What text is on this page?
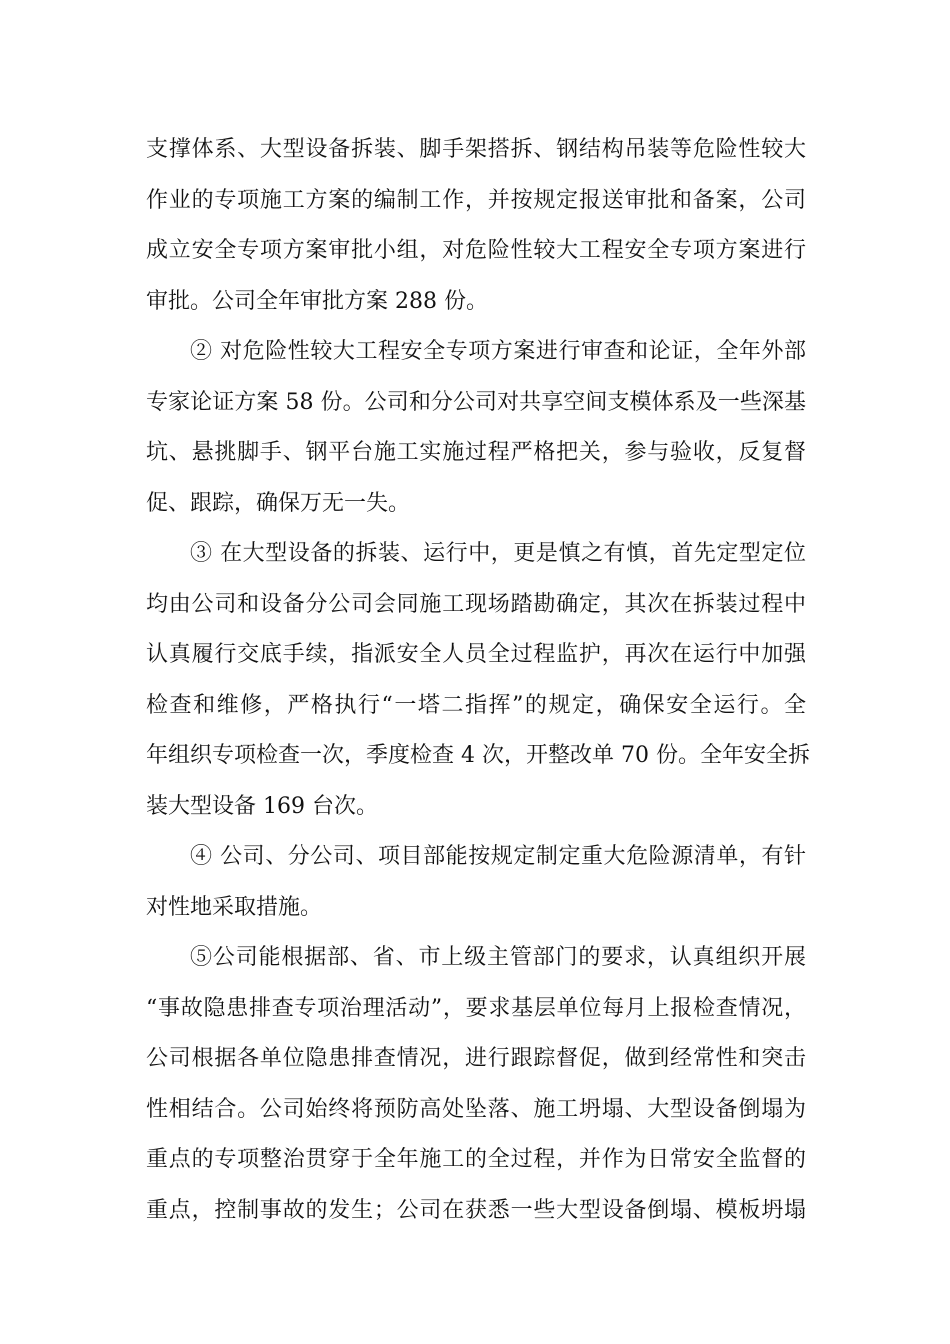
支撑体系、大型设备拆装、脚手架搭拆、钢结构吊装等危险性较大
作业的专项施工方案的编制工作，并按规定报送审批和备案，公司
成立安全专项方案审批小组，对危险性较大工程安全专项方案进行
审批。公司全年审批方案 288 份。

② 对危险性较大工程安全专项方案进行审查和论证，全年外部
专家论证方案 58 份。公司和分公司对共享空间支模体系及一些深基
坑、悬挑脚手、钢平台施工实施过程严格把关，参与验收，反复督
促、跟踪，确保万无一失。

③ 在大型设备的拆装、运行中，更是慎之有慎，首先定型定位
均由公司和设备分公司会同施工现场踏勘确定，其次在拆装过程中
认真履行交底手续，指派安全人员全过程监护，再次在运行中加强
检查和维修，严格执行“一塔二指挥”的规定，确保安全运行。全
年组织专项检查一次，季度检查 4 次，开整改单 70 份。全年安全拆
装大型设备 169 台次。

④ 公司、分公司、项目部能按规定制定重大危险源清单，有针
对性地采取措施。

⑤公司能根据部、省、市上级主管部门的要求，认真组织开展
“事故隐患排查专项治理活动”，要求基层单位每月上报检查情况，
公司根据各单位隐患排查情况，进行跟踪督促，做到经常性和突击
性相结合。公司始终将预防高处坠落、施工坍塌、大型设备倒塌为
重点的专项整治贯穿于全年施工的全过程，并作为日常安全监督的
重点，控制事故的发生；公司在获悉一些大型设备倒塌、模板坍塌
